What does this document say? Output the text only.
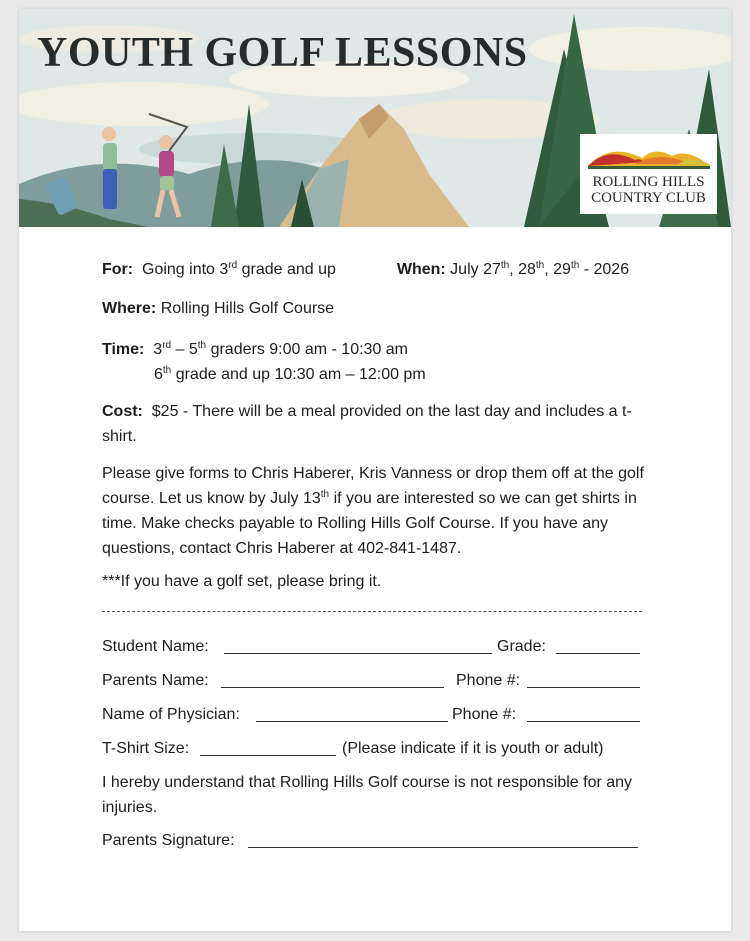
YOUTH GOLF LESSONS
ROLLING HILLS
COUNTRY CLUB
For: Going into 3rd grade and up	When: July 27th, 28th, 29th - 2026
Where: Rolling Hills Golf Course
Time: 3rd – 5th graders 9:00 am - 10:30 am
6th grade and up 10:30 am – 12:00 pm
Cost: $25 - There will be a meal provided on the last day and includes a t-shirt.
Please give forms to Chris Haberer, Kris Vanness or drop them off at the golf course. Let us know by July 13th if you are interested so we can get shirts in time. Make checks payable to Rolling Hills Golf Course. If you have any questions, contact Chris Haberer at 402-841-1487.
***If you have a golf set, please bring it.
Student Name:	Grade:
Parents Name:	Phone #:
Name of Physician:	Phone #:
T-Shirt Size:	(Please indicate if it is youth or adult)
I hereby understand that Rolling Hills Golf course is not responsible for any injuries.
Parents Signature:
